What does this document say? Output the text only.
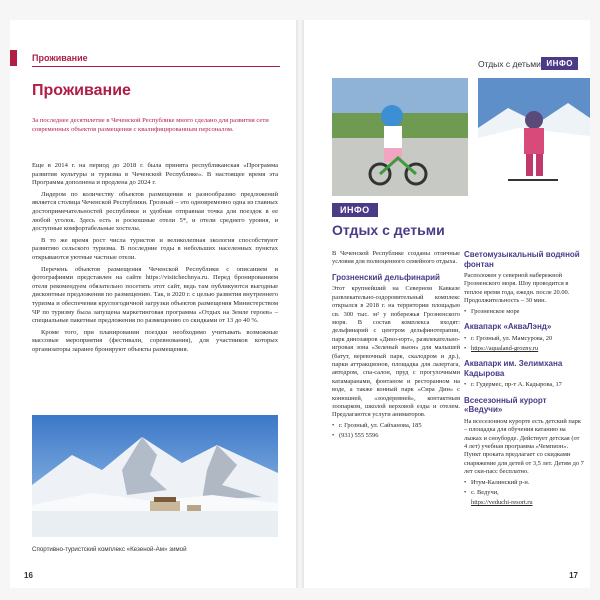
Проживание
Проживание
За последнее десятилетие в Чеченской Республике много сделано для развития сети современных объектов размещения с квалифицированным персоналом.

Еще в 2014 г. на период до 2018 г. была принята республиканская «Программа развития культуры и туризма в Чеченской Республике». В настоящее время эта Программа дополнена и продлена до 2024 г.

Лидером по количеству объектов размещения и разнообразию предложений является столица Чеченской Республики. Грозный – это одновременно одна из главных достопримечательностей республики и удобная отправная точка для поездок в ее любой уголок. Здесь есть и роскошные отели 5*, и отели среднего уровня, и доступные комфортабельные хостелы.

В то же время рост числа туристов и великолепная экология способствуют развитию сельского туризма. В последние годы в небольших населенных пунктах открываются уютные частные отели.

Перечень объектов размещения Чеченской Республики с описанием и фотографиями представлен на сайте https://visitchechnya.ru. Перед бронированием отеля рекомендуем обязательно посетить этот сайт, ведь там публикуются выгодные дисконтные предложения по размещению. Так, в 2020 г. с целью развития внутреннего туризма и обеспечения круглогодичной загрузки объектов размещения Министерством ЧР по туризму была запущена маркетинговая программа «Отдых на Земле героев» – специальные пакетные предложения по размещению со скидками от 13 до 40 %.

Кроме того, при планировании поездки необходимо учитывать возможные массовые мероприятия (фестивали, соревнования), для участников которых организаторы заранее бронируют объекты размещения.

Спортивно-туристский комплекс «Кезеной-Ам» зимой
16
Отдых с детьми ИНФО
ИНФО
Отдых с детьми

В Чеченской Республике созданы отличные условия для полноценного семейного отдыха.

Грозненский дельфинарий

Этот крупнейший на Северном Кавказе развлекательно-оздоровительный комплекс открылся в 2018 г. на территории площадью св. 300 тыс. м² у побережья Грозненского моря. В состав комплекса входят: дельфинарий с центром дельфинотерапии, парк динозавров «Дино-юрт», развлекательно-игровая зона «Зеленый вьюн» для малышей (батут, веревочный парк, скалодром и др.), парки аттракционов, площадка для лазертага, автодром, спа-салон, пруд с прогулочными катамаранами, фонтаном и ресторанном на воде, а также конный парк «Сира Дин» с конюшней, «зоодеревней», контактным зоопарком, школой верховой езды и отелем. Предлагаются услуги аниматоров.

• г. Грозный, ул. Сайханова, 185

• (931) 555 5596

Светомузыкальный водяной фонтан

Расположен у северной набережной Грозненского моря. Шоу проводится в теплое время года, ежедн. после 20.00. Продолжительность – 30 мин.

• Грозненское море

Аквапарк «АкваЛэнд»

• г. Грозный, ул. Мамсурова, 20

• https://aqualand-grozny.ru

Аквапарк им. Зелимхана Кадырова

• г. Гудермес, пр-т А. Кадырова, 17

Всесезонный курорт «Ведучи»

На всесезонном курорте есть детский парк – площадка для обучения катанию на лыжах и сноуборде. Действует детская (от 4 лет) учебная программа «Чемпион». Пункт проката предлагает со скидками снаряжение для детей от 3,5 лет. Детям до 7 лет ски-пасс бесплатно.

• Итум-Калинский р-н.

• с. Ведучи,

https://veduchi-resort.ru

17
